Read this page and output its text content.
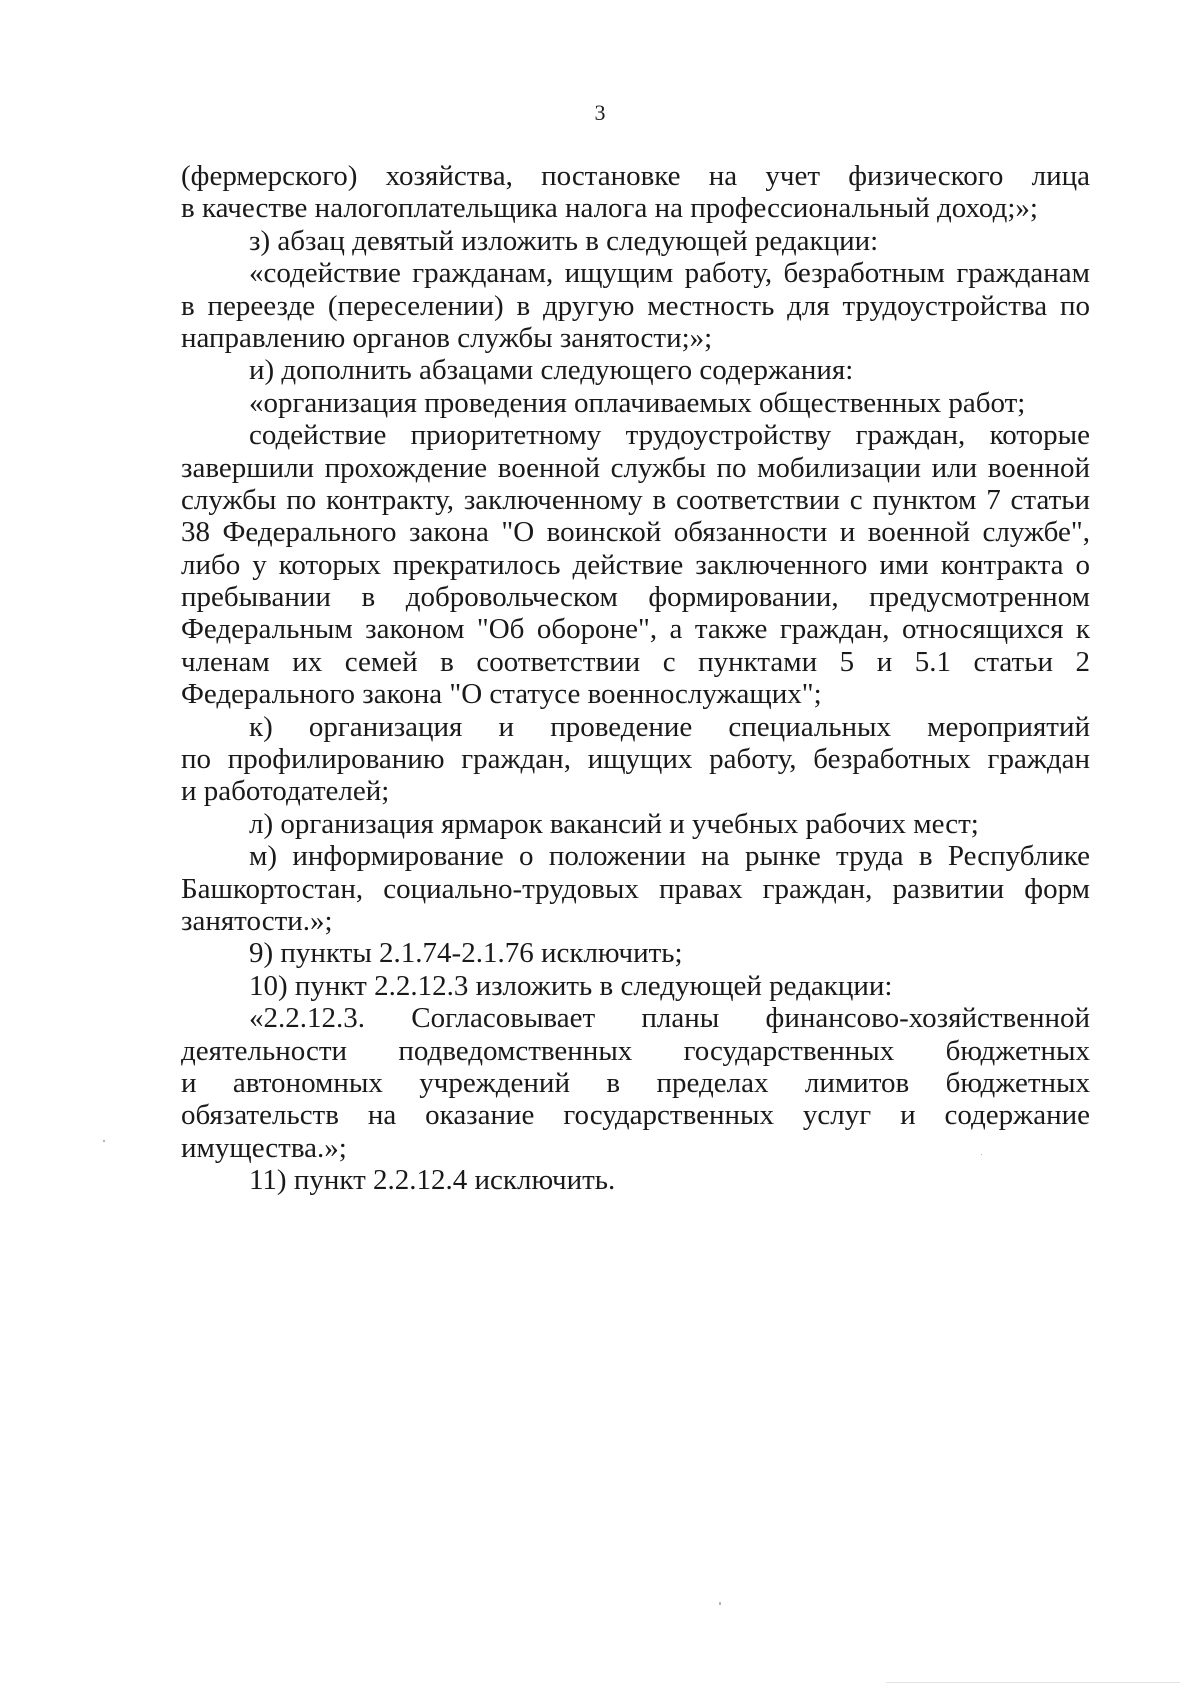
3
(фермерского) хозяйства, постановке на учет физического лица
в качестве налогоплательщика налога на профессиональный доход;»;
з) абзац девятый изложить в следующей редакции:
«содействие гражданам, ищущим работу, безработным гражданам
в переезде (переселении) в другую местность для трудоустройства по
направлению органов службы занятости;»;
и) дополнить абзацами следующего содержания:
«организация проведения оплачиваемых общественных работ;
содействие приоритетному трудоустройству граждан, которые
завершили прохождение военной службы по мобилизации или военной
службы по контракту, заключенному в соответствии с пунктом 7 статьи
38 Федерального закона "О воинской обязанности и военной службе",
либо у которых прекратилось действие заключенного ими контракта о
пребывании в добровольческом формировании, предусмотренном
Федеральным законом "Об обороне", а также граждан, относящихся к
членам их семей в соответствии с пунктами 5 и 5.1 статьи 2
Федерального закона "О статусе военнослужащих";
к) организация и проведение специальных мероприятий
по профилированию граждан, ищущих работу, безработных граждан
и работодателей;
л) организация ярмарок вакансий и учебных рабочих мест;
м) информирование о положении на рынке труда в Республике
Башкортостан, социально-трудовых правах граждан, развитии форм
занятости.»;
9) пункты 2.1.74-2.1.76 исключить;
10) пункт 2.2.12.3 изложить в следующей редакции:
«2.2.12.3. Согласовывает планы финансово-хозяйственной
деятельности подведомственных государственных бюджетных
и автономных учреждений в пределах лимитов бюджетных
обязательств на оказание государственных услуг и содержание
имущества.»;
11) пункт 2.2.12.4 исключить.
